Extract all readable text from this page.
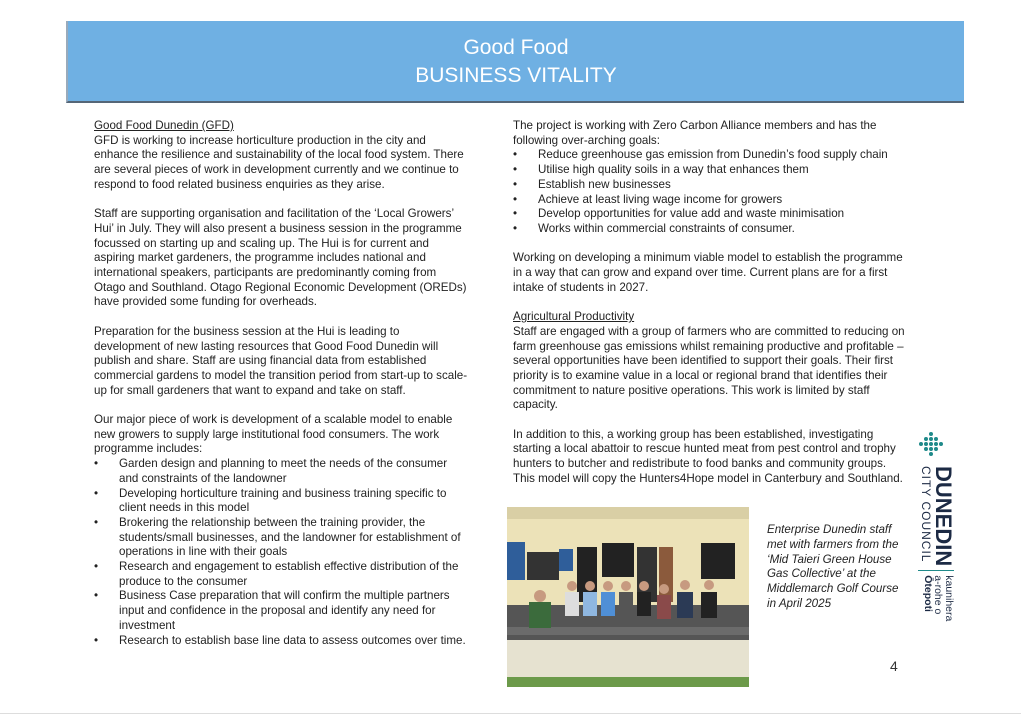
Good Food
BUSINESS VITALITY
Good Food Dunedin (GFD)

GFD is working to increase horticulture production in the city and enhance the resilience and sustainability of the local food system. There are several pieces of work in development currently and we continue to respond to food related business enquiries as they arise.

Staff are supporting organisation and facilitation of the ‘Local Growers’ Hui’ in July. They will also present a business session in the programme focussed on starting up and scaling up. The Hui is for current and aspiring market gardeners, the programme includes national and international speakers, participants are predominantly coming from Otago and Southland. Otago Regional Economic Development (OREDs) have provided some funding for overheads.

Preparation for the business session at the Hui is leading to development of new lasting resources that Good Food Dunedin will publish and share. Staff are using financial data from established commercial gardens to model the transition period from start-up to scale-up for small gardeners that want to expand and take on staff.

Our major piece of work is development of a scalable model to enable new growers to supply large institutional food consumers. The work programme includes:

• Garden design and planning to meet the needs of the consumer and constraints of the landowner
• Developing horticulture training and business training specific to client needs in this model
• Brokering the relationship between the training provider, the students/small businesses, and the landowner for establishment of operations in line with their goals
• Research and engagement to establish effective distribution of the produce to the consumer
• Business Case preparation that will confirm the multiple partners input and confidence in the proposal and identify any need for investment
• Research to establish base line data to assess outcomes over time.

The project is working with Zero Carbon Alliance members and has the following over-arching goals:

• Reduce greenhouse gas emission from Dunedin’s food supply chain
• Utilise high quality soils in a way that enhances them
• Establish new businesses
• Achieve at least living wage income for growers
• Develop opportunities for value add and waste minimisation
• Works within commercial constraints of consumer.

Working on developing a minimum viable model to establish the programme in a way that can grow and expand over time. Current plans are for a first intake of students in 2027.

Agricultural Productivity

Staff are engaged with a group of farmers who are committed to reducing on farm greenhouse gas emissions whilst remaining productive and profitable – several opportunities have been identified to support their goals. Their first priority is to examine value in a local or regional brand that identifies their commitment to nature positive operations. This work is limited by staff capacity.

In addition to this, a working group has been established, investigating starting a local abattoir to rescue hunted meat from pest control and trophy hunters to butcher and redistribute to food banks and community groups. This model will copy the Hunters4Hope model in Canterbury and Southland.

Enterprise Dunedin staff met with farmers from the ‘Mid Taieri Green House Gas Collective’ at the Middlemarch Golf Course in April 2025
4
DUNEDIN
CITY COUNCIL
kaunihera
a-rohe o
Ōtepoti
